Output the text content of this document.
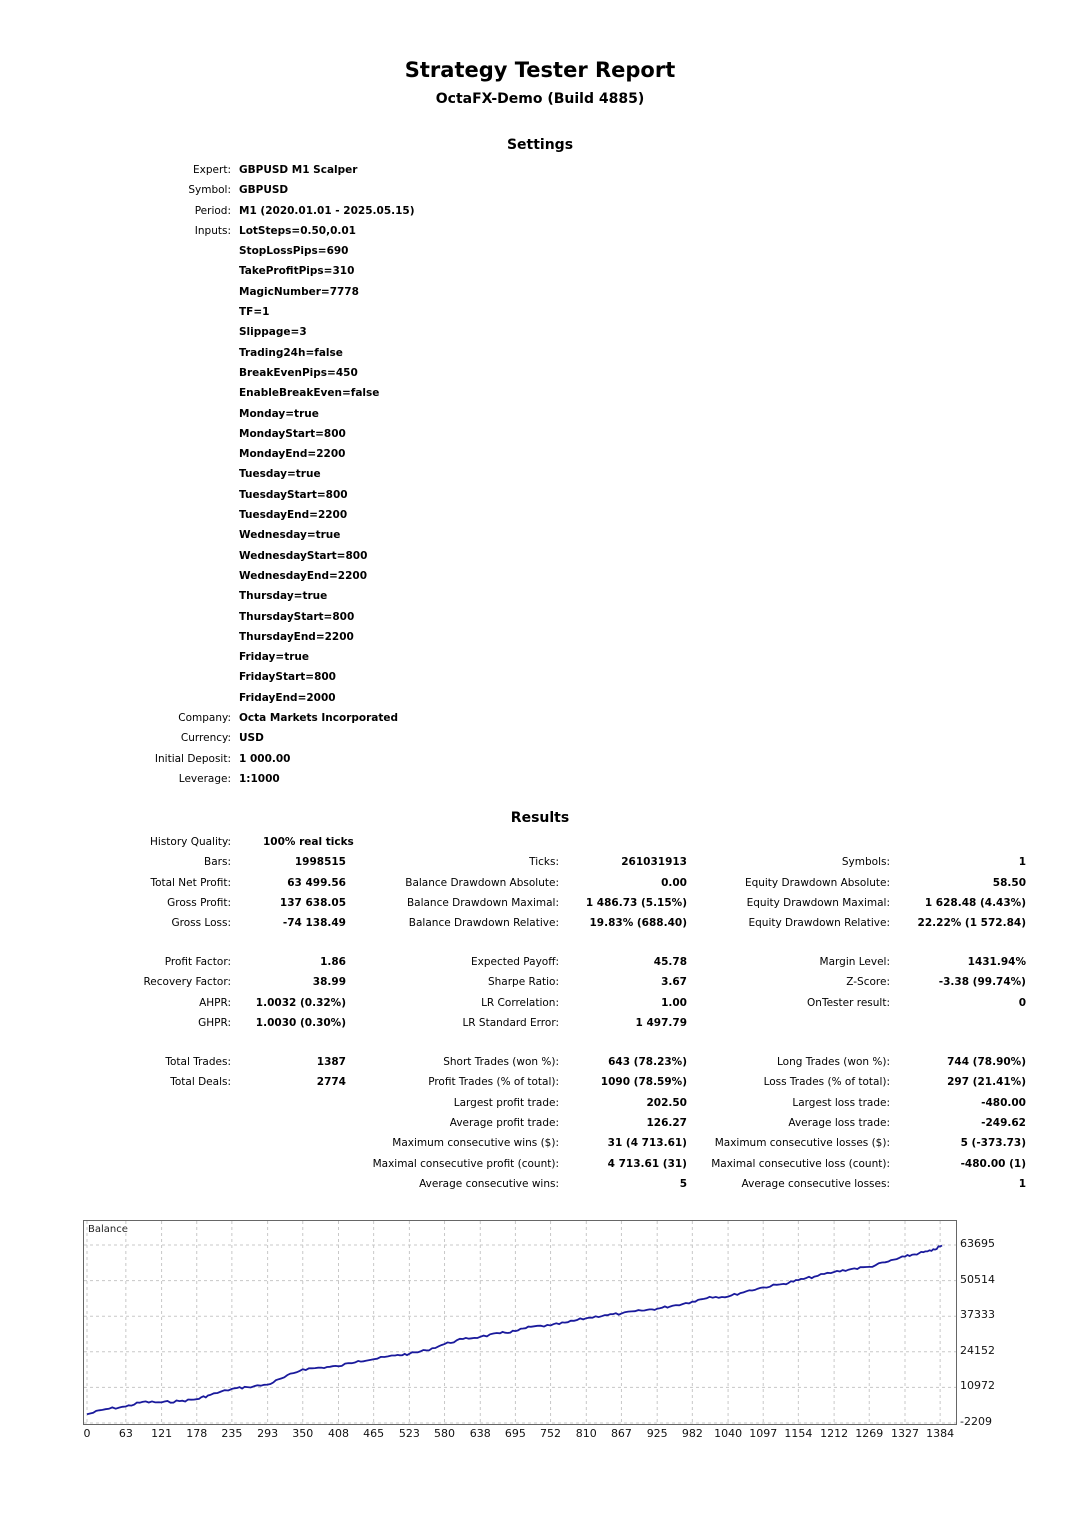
Strategy Tester Report
OctaFX-Demo (Build 4885)
Settings
Expert: GBPUSD M1 Scalper
Symbol: GBPUSD
Period: M1 (2020.01.01 - 2025.05.15)
Inputs: LotSteps=0.50,0.01
StopLossPips=690
TakeProfitPips=310
MagicNumber=7778
TF=1
Slippage=3
Trading24h=false
BreakEvenPips=450
EnableBreakEven=false
Monday=true
MondayStart=800
MondayEnd=2200
Tuesday=true
TuesdayStart=800
TuesdayEnd=2200
Wednesday=true
WednesdayStart=800
WednesdayEnd=2200
Thursday=true
ThursdayStart=800
ThursdayEnd=2200
Friday=true
FridayStart=800
FridayEnd=2000
Company: Octa Markets Incorporated
Currency: USD
Initial Deposit: 1 000.00
Leverage: 1:1000
Results
History Quality:	100% real ticks
Bars:	1998515	Ticks:	261031913	Symbols:	1
Total Net Profit:	63 499.56	Balance Drawdown Absolute:	0.00	Equity Drawdown Absolute:	58.50
Gross Profit:	137 638.05	Balance Drawdown Maximal:	1 486.73 (5.15%)	Equity Drawdown Maximal:	1 628.48 (4.43%)
Gross Loss:	-74 138.49	Balance Drawdown Relative:	19.83% (688.40)	Equity Drawdown Relative:	22.22% (1 572.84)
Profit Factor:	1.86	Expected Payoff:	45.78	Margin Level:	1431.94%
Recovery Factor:	38.99	Sharpe Ratio:	3.67	Z-Score:	-3.38 (99.74%)
AHPR: 1.0032 (0.32%)	LR Correlation:	1.00	OnTester result:	0
GHPR: 1.0030 (0.30%)	LR Standard Error:	1 497.79
Total Trades:	1387	Short Trades (won %):	643 (78.23%)	Long Trades (won %):	744 (78.90%)
Total Deals:	2774	Profit Trades (% of total):	1090 (78.59%)	Loss Trades (% of total):	297 (21.41%)
Largest profit trade:	202.50	Largest loss trade:	-480.00
Average profit trade:	126.27	Average loss trade:	-249.62
Maximum consecutive wins ($):	31 (4 713.61)	Maximum consecutive losses ($):	5 (-373.73)
Maximal consecutive profit (count):	4 713.61 (31) Maximal consecutive loss (count):	-480.00 (1)
Average consecutive wins:	5	Average consecutive losses:	1
Balance
-2209
10972
24152
37333
50514
63695
0	63 121 178 235 293 350 408 465 523 580 638 695 752 810 867 925 982 1040 1097 1154 1212 1269 1327 1384
